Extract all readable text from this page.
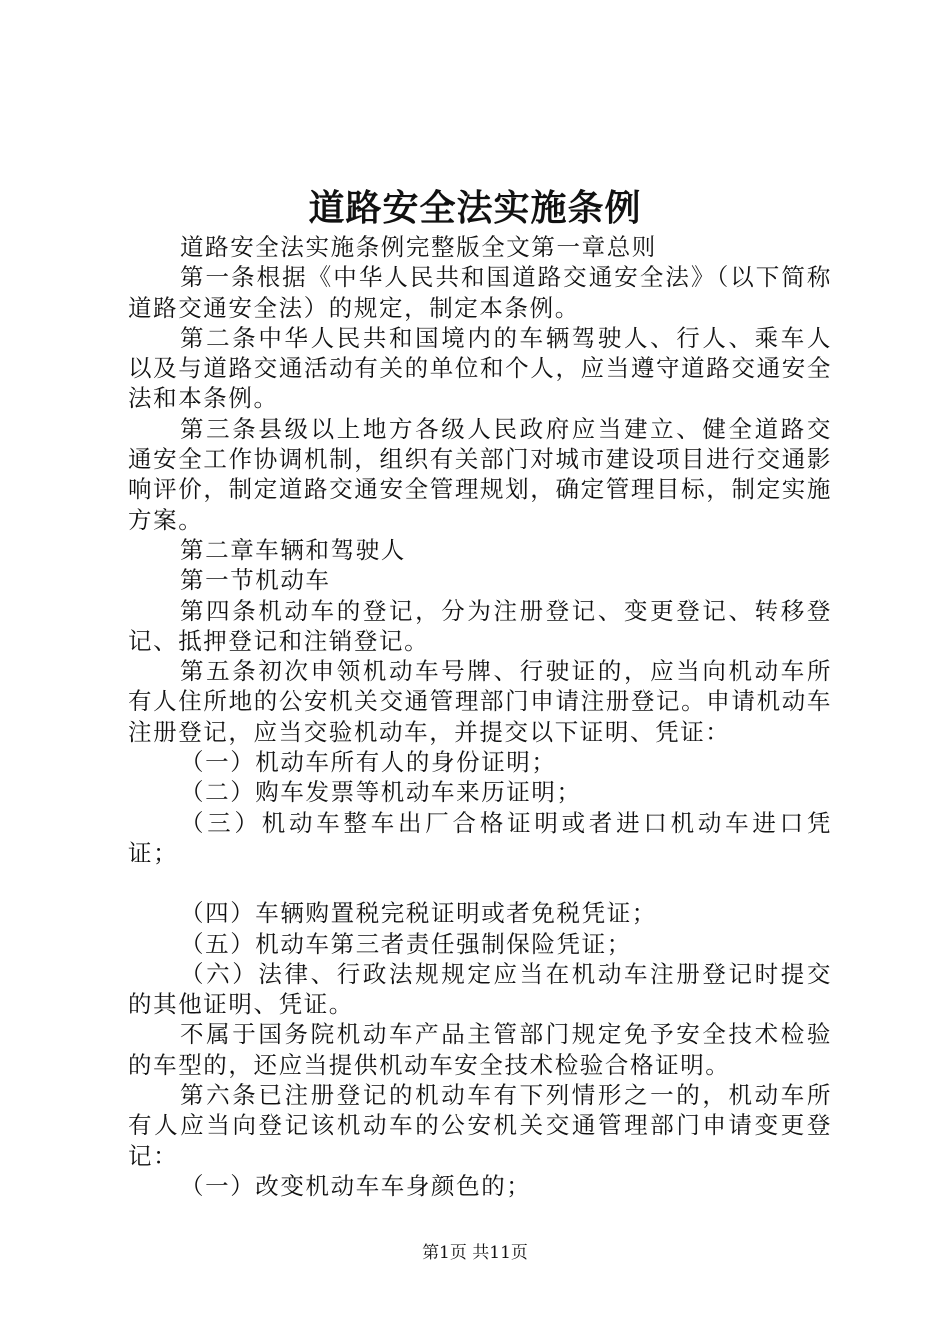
道路安全法实施条例

道路安全法实施条例完整版全文第一章总则

第一条根据《中华人民共和国道路交通安全法》（以下简称道路交通安全法）的规定，制定本条例。

第二条中华人民共和国境内的车辆驾驶人、行人、乘车人以及与道路交通活动有关的单位和个人，应当遵守道路交通安全法和本条例。

第三条县级以上地方各级人民政府应当建立、健全道路交通安全工作协调机制，组织有关部门对城市建设项目进行交通影响评价，制定道路交通安全管理规划，确定管理目标，制定实施方案。

第二章车辆和驾驶人

第一节机动车

第四条机动车的登记，分为注册登记、变更登记、转移登记、抵押登记和注销登记。

第五条初次申领机动车号牌、行驶证的，应当向机动车所有人住所地的公安机关交通管理部门申请注册登记。申请机动车注册登记，应当交验机动车，并提交以下证明、凭证：

（一）机动车所有人的身份证明；

（二）购车发票等机动车来历证明；

（三）机动车整车出厂合格证明或者进口机动车进口凭证；

（四）车辆购置税完税证明或者免税凭证；

（五）机动车第三者责任强制保险凭证；

（六）法律、行政法规规定应当在机动车注册登记时提交的其他证明、凭证。

不属于国务院机动车产品主管部门规定免予安全技术检验的车型的，还应当提供机动车安全技术检验合格证明。

第六条已注册登记的机动车有下列情形之一的，机动车所有人应当向登记该机动车的公安机关交通管理部门申请变更登记：

（一）改变机动车车身颜色的；

第1页 共11页
